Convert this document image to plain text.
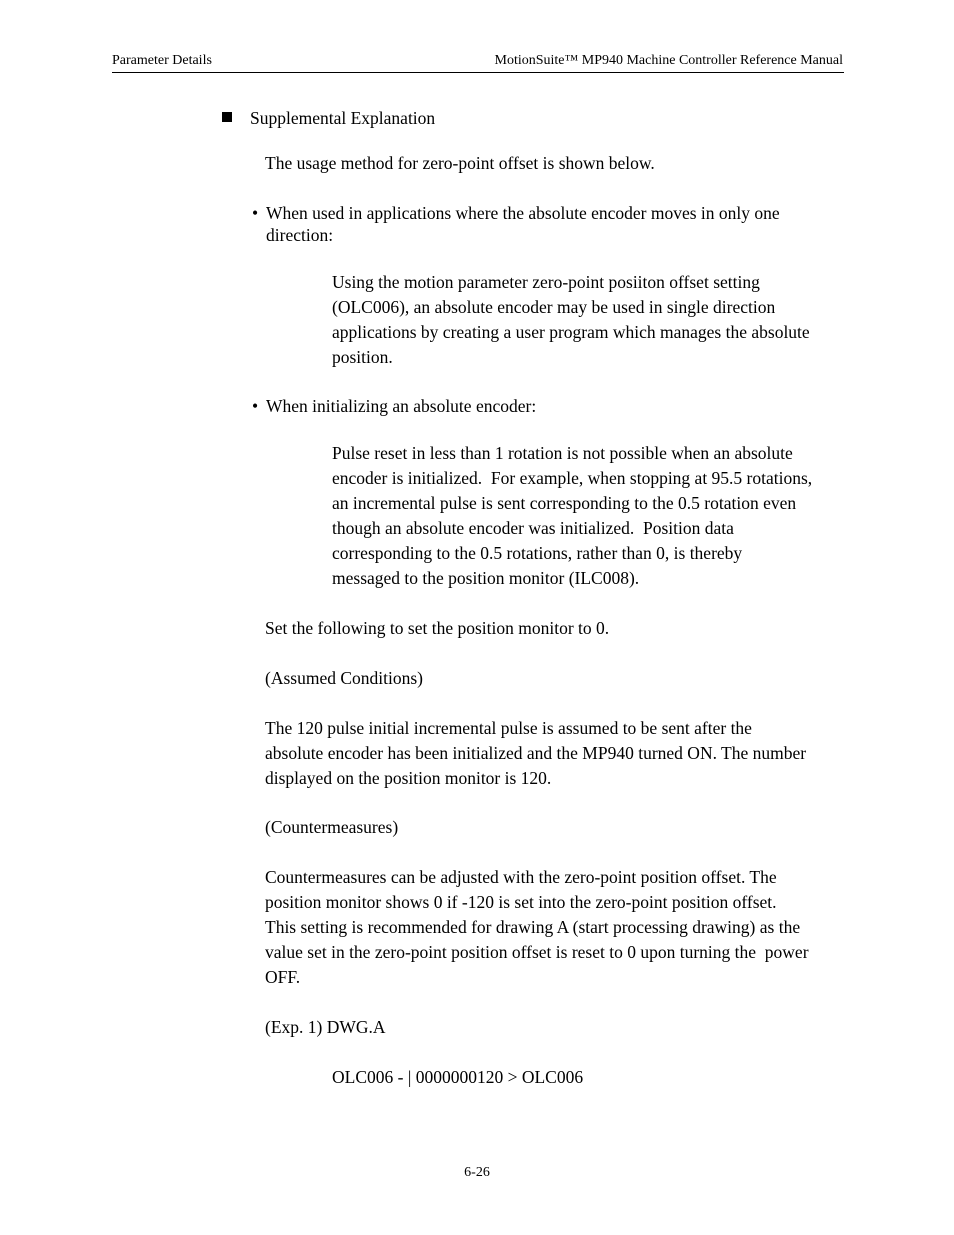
Parameter Details	MotionSuite™ MP940 Machine Controller Reference Manual
Supplemental Explanation
The usage method for zero-point offset is shown below.
• When used in applications where the absolute encoder moves in only one
direction:
Using the motion parameter zero-point posiiton offset setting
(OLC006), an absolute encoder may be used in single direction
applications by creating a user program which manages the absolute
position.
• When initializing an absolute encoder:
Pulse reset in less than 1 rotation is not possible when an absolute
encoder is initialized.  For example, when stopping at 95.5 rotations,
an incremental pulse is sent corresponding to the 0.5 rotation even
though an absolute encoder was initialized.  Position data
corresponding to the 0.5 rotations, rather than 0, is thereby
messaged to the position monitor (ILC008).
Set the following to set the position monitor to 0.
(Assumed Conditions)
The 120 pulse initial incremental pulse is assumed to be sent after the
absolute encoder has been initialized and the MP940 turned ON. The number
displayed on the position monitor is 120.
(Countermeasures)
Countermeasures can be adjusted with the zero-point position offset. The
position monitor shows 0 if -120 is set into the zero-point position offset.
This setting is recommended for drawing A (start processing drawing) as the
value set in the zero-point position offset is reset to 0 upon turning the  power
OFF.
(Exp. 1) DWG.A
OLC006 - | 0000000120 > OLC006
6-26
